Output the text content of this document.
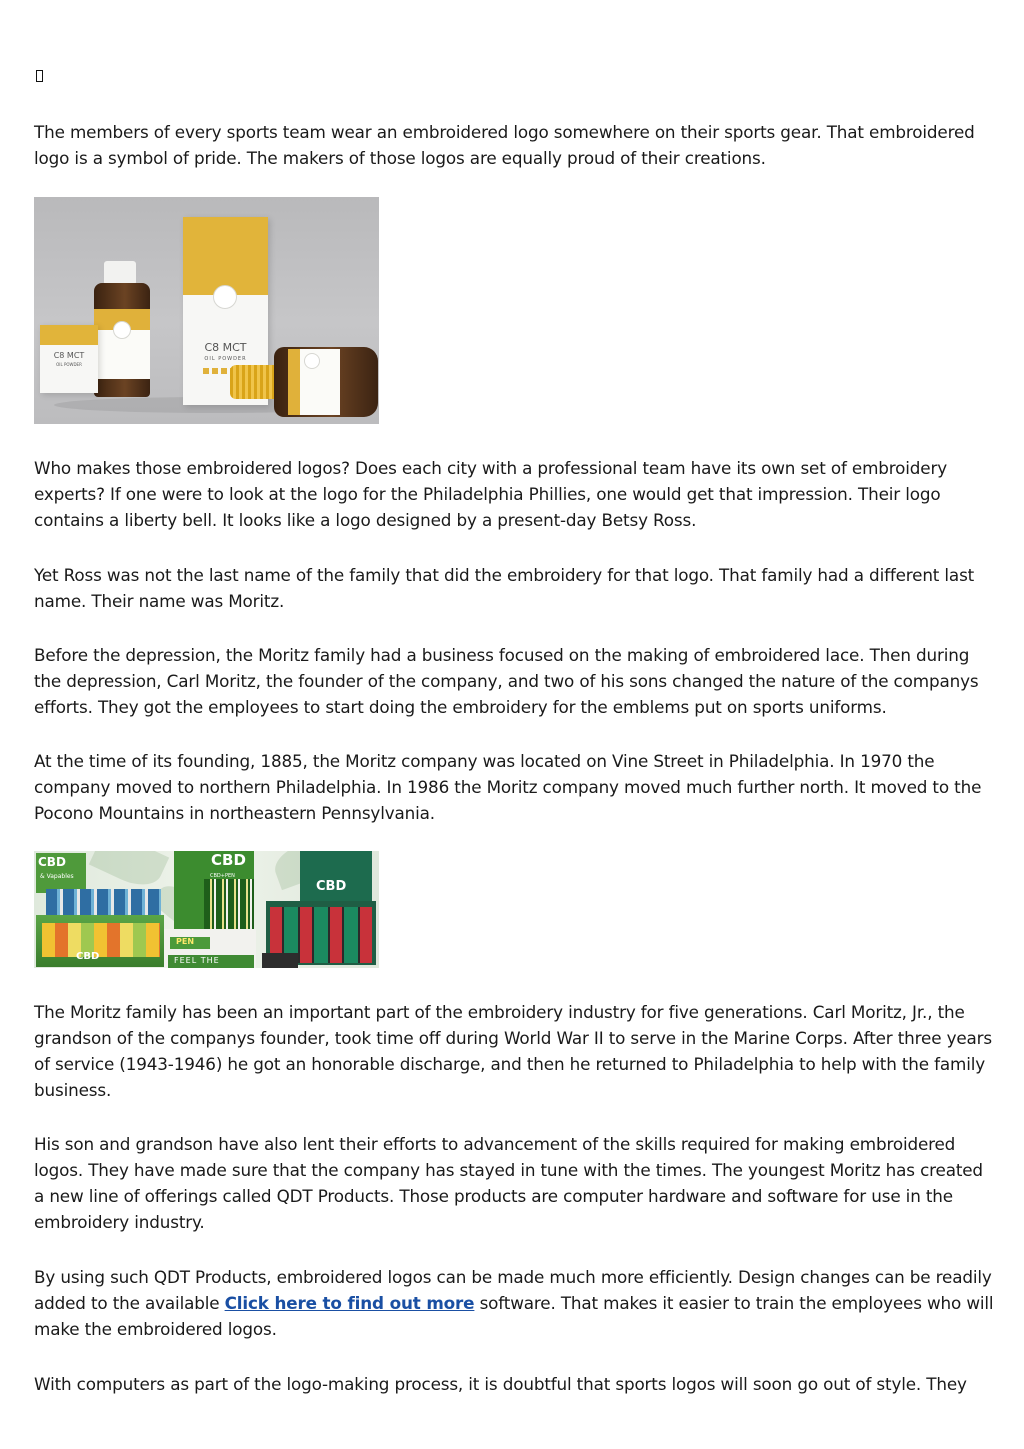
The members of every sports team wear an embroidered logo somewhere on their sports gear. That embroidered logo is a symbol of pride. The makers of those logos are equally proud of their creations.

C8 MCT
OIL POWDER
C8 MCT
OIL POWDER

Who makes those embroidered logos? Does each city with a professional team have its own set of embroidery experts? If one were to look at the logo for the Philadelphia Phillies, one would get that impression. Their logo contains a liberty bell. It looks like a logo designed by a present-day Betsy Ross.

Yet Ross was not the last name of the family that did the embroidery for that logo. That family had a different last name. Their name was Moritz.

Before the depression, the Moritz family had a business focused on the making of embroidered lace. Then during the depression, Carl Moritz, the founder of the company, and two of his sons changed the nature of the companys efforts. They got the employees to start doing the embroidery for the emblems put on sports uniforms.

At the time of its founding, 1885, the Moritz company was located on Vine Street in Philadelphia. In 1970 the company moved to northern Philadelphia. In 1986 the Moritz company moved much further north. It moved to the Pocono Mountains in northeastern Pennsylvania.

CBD
& Vapables
CBD
CBD
CBD+PEN
PEN
FEEL THE
CBD

The Moritz family has been an important part of the embroidery industry for five generations. Carl Moritz, Jr., the grandson of the companys founder, took time off during World War II to serve in the Marine Corps. After three years of service (1943-1946) he got an honorable discharge, and then he returned to Philadelphia to help with the family business.

His son and grandson have also lent their efforts to advancement of the skills required for making embroidered logos. They have made sure that the company has stayed in tune with the times. The youngest Moritz has created a new line of offerings called QDT Products. Those products are computer hardware and software for use in the embroidery industry.

By using such QDT Products, embroidered logos can be made much more efficiently. Design changes can be readily added to the available Click here to find out more software. That makes it easier to train the employees who will make the embroidered logos.

With computers as part of the logo-making process, it is doubtful that sports logos will soon go out of style. They
